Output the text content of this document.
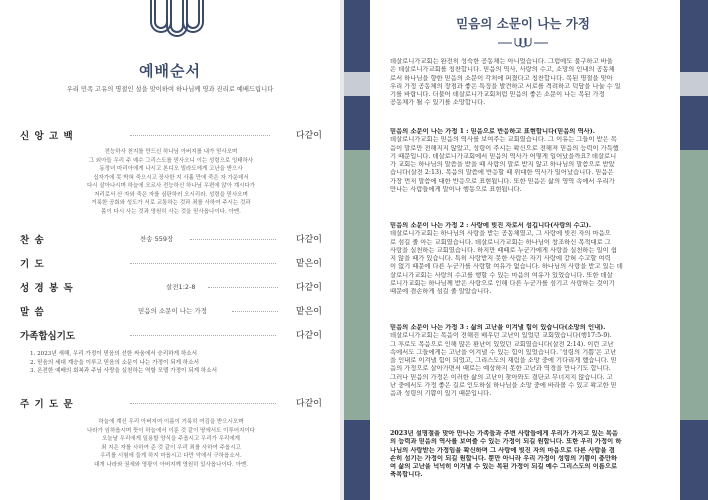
예배순서
우리 민족 고유의 명절인 설을 맞이하여 하나님께 영과 진리로 예배드립니다
신 앙 고 백	다같이
전능하사 천지를 만드신 하나님 아버지를 내가 믿사오며
그 외아들 우리 주 예수 그리스도를 믿사오니 이는 성령으로 잉태하사
동정녀 마리아에게 나시고 본디오 빌라도에게 고난을 받으사
십자가에 못 박혀 죽으시고 장사한 지 사흘 만에 죽은 자 가운데서
다시 살아나시며 하늘에 오르사 전능하신 하나님 우편에 앉아 계시다가
저리로서 산 자와 죽은 자를 심판하러 오시리라. 성령을 믿사오며
거룩한 공회와 성도가 서로 교통하는 것과 죄를 사하여 주시는 것과
몸이 다시 사는 것과 영원히 사는 것을 믿사옵나이다. 아멘.
찬 송	찬송 559장	다같이
기 도	맡은이
성 경 봉 독	살전1:2-8	다같이
말 씀	믿음의 소문이 나는 가정	맡은이
가족합심기도	다같이
1. 2023년 새해, 우리 가정이 믿음의 선한 싸움에서 승리하게 하소서
2. 믿음의 세대 계승을 이루고 믿음의 소문이 나는 가정이 되게 하소서
3. 온전한 예배의 회복과 주님 사랑을 실천하는 역할 모델 가정이 되게 하소서
주 기 도 문	다같이
하늘에 계신 우리 아버지여 이름이 거룩히 여김을 받으시오며
나라가 임하옵시며 뜻이 하늘에서 이룬 것 같이 땅에서도 이루어지이다
오늘날 우리에게 일용할 양식을 주옵시고 우리가 우리에게
죄 지은 자를 사하여 준 것 같이 우리 죄를 사하여 주옵시고
우리를 시험에 들게 하지 마옵시고 다만 악에서 구하옵소서.
대개 나라와 권세와 영광이 아버지께 영원히 있사옵나이다. 아멘.
믿음의 소문이 나는 가정
데살로니가교회는 완전히 성숙한 공동체는 아니었습니다. 그럼에도 불구하고 바울
은 데살로니가교회를 칭찬합니다. 믿음의 역사, 사랑의 수고, 소망의 인내의 공동체
로서 하나님을 향한 믿음의 소문이 각처에 퍼졌다고 칭찬합니다. 복된 명절을 맞아
우리 가정 공동체의 장점과 좋은 특징을 발견하고 서로를 격려하고 덕담을 나눌 수 있
기를 바랍니다. 더불어 데살로니가교회처럼 믿음의 좋은 소문이 나는 복된 가정
공동체가 될 수 있기를 소망합니다.
믿음의 소문이 나는 가정 1 : 믿음으로 반응하고 표현합니다(믿음의 역사).
데살로니가교회는 믿음의 역사를 보여주는 교회였습니다. 그 이유는 그들이 받은 복
음이 말로만 전해지지 않았고, 성령이 주시는 확신으로 전해져 믿음의 능력이 가득했
기 때문입니다. 데살로니가교회에서 믿음의 역사가 어떻게 일어났을까요? 데살로니
가 교회는 하나님의 말씀을 받을 때 사람의 말로 받지 않고 하나님의 말씀으로 받았
습니다(살전 2:13). 복음의 말씀에 반응할 때 위대한 역사가 일어났습니다. 믿음은
가장 먼저 말씀에 대한 반응으로 표현됩니다. 또한 믿음은 삶의 영역 속에서 우리가
만나는 사람들에게 말이나 행동으로 표현됩니다.
믿음의 소문이 나는 가정 2 : 사랑에 빚진 자로서 섬깁니다(사랑의 수고).
데살로니가교회는 하나님의 사랑을 받는 공동체였고, 그 사랑에 빚진 자의 마음으
로 섬길 줄 아는 교회였습니다. 데살로니가교회는 하나님이 창조하신 목적대로 그
사랑을 실천하는 교회였습니다. 하지만 때때로 누군가에게 사랑을 실천하는 일이 쉽
지 않을 때가 있습니다. 특히 사랑받지 못한 사람은 자기 사랑에 갇혀 수고할 여력
이 없기 때문에 다른 누군가를 사랑할 여유가 없습니다. 하나님의 사랑을 받고 있는 데
살로니가교회는 사랑의 수고를 행할 수 있는 마음의 여유가 있었습니다. 또한 데살
로니가교회는 하나님께 받은 사랑으로 인해 다른 누군가를 섬기고 사랑하는 것이기
때문에 겸손하게 섬길 줄 알았습니다.
믿음의 소문이 나는 가정 3 : 삶의 고난을 이겨낼 힘이 있습니다(소망의 인내).
데살로니가교회는 복음이 전해진 배우던 고난이 있었던 교회였습니다(행17:5-9).
그 후로도 복음으로 인해 많은 환난이 있었던 교회였습니다(살전 2:14). 이런 고난
속에서도 그들에게는 고난을 이겨낼 수 있는 힘이 있었습니다. '성령의 기쁨'은 고난
을 인내로 이겨낼 힘이 되었고, 그리스도의 재림을 소망 중에 기다리게 했습니다. 믿
음의 가정으로 살아가면서 때로는 예상하지 못한 고난과 역경을 만나기도 합니다.
그러나 믿음의 가정은 이러한 삶의 고난이 찾아와도 결단코 무너지지 않습니다. 고
난 중에서도 가정 좋은 길로 인도하실 하나님을 소망 중에 바라볼 수 있고 확고한 믿
음과 성령의 기쁨이 있기 때문입니다.
2023년 설명절을 맞아 만나는 가족들과 주변 사람들에게 우리가 가지고 있는 복음
의 능력과 믿음의 역사를 보여줄 수 있는 가정이 되길 원합니다. 또한 우리 가정이 하
나님의 사랑받는 가정임을 확신하며 그 사랑에 빚진 자의 마음으로 다른 사람을 겸
손히 섬기는 가정이 되길 원합니다. 뿐만 아니라 우리 가정이 성령의 기쁨이 충만하
여 삶의 고난을 넉넉히 이겨낼 수 있는 복된 가정이 되길 예수 그리스도의 이름으로
축복합니다.
